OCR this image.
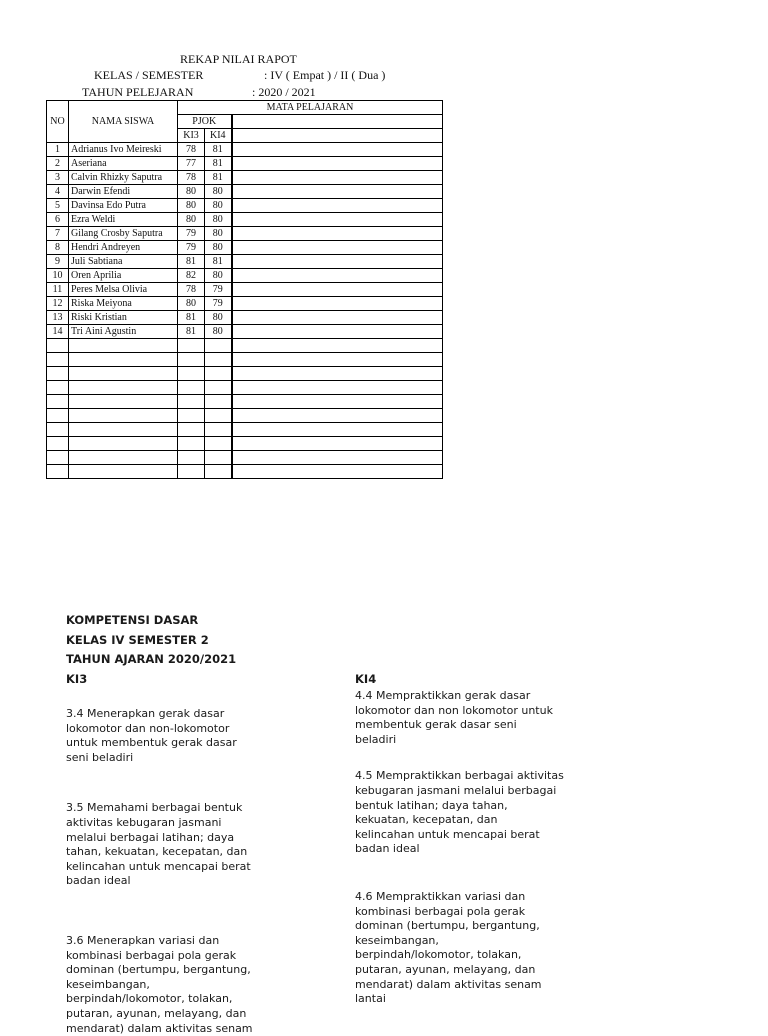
REKAP NILAI RAPOT
KELAS / SEMESTER	: IV ( Empat ) / II ( Dua )
TAHUN PELEJARAN	: 2020 / 2021
NO	NAMA SISWA	MATA PELAJARAN		
		PJOK		
		KI3	KI4	
1	Adrianus Ivo Meireski	78	81	
2	Aseriana	77	81	
3	Calvin Rhizky Saputra	78	81	
4	Darwin Efendi	80	80	
5	Davinsa Edo Putra	80	80	
6	Ezra Weldi	80	80	
7	Gilang Crosby Saputra	79	80	
8	Hendri Andreyen	79	80	
9	Juli Sabtiana	81	81	
10	Oren Aprilia	82	80	
11	Peres Melsa Olivia	78	79	
12	Riska Meiyona	80	79	
13	Riski Kristian	81	80	
14	Tri Aini Agustin	81	80	

KOMPETENSI DASAR
KELAS IV SEMESTER 2
TAHUN AJARAN 2020/2021
KI3	KI4
3.4 Menerapkan gerak dasar
lokomotor dan non-lokomotor
untuk membentuk gerak dasar
seni beladiri
3.5 Memahami berbagai bentuk
aktivitas kebugaran jasmani
melalui berbagai latihan; daya
tahan, kekuatan, kecepatan, dan
kelincahan untuk mencapai berat
badan ideal
3.6 Menerapkan variasi dan
kombinasi berbagai pola gerak
dominan (bertumpu, bergantung,
keseimbangan,
berpindah/lokomotor, tolakan,
putaran, ayunan, melayang, dan
mendarat) dalam aktivitas senam
4.4 Mempraktikkan gerak dasar
lokomotor dan non lokomotor untuk
membentuk gerak dasar seni
beladiri
4.5 Mempraktikkan berbagai aktivitas
kebugaran jasmani melalui berbagai
bentuk latihan; daya tahan,
kekuatan, kecepatan, dan
kelincahan untuk mencapai berat
badan ideal
4.6 Mempraktikkan variasi dan
kombinasi berbagai pola gerak
dominan (bertumpu, bergantung,
keseimbangan,
berpindah/lokomotor, tolakan,
putaran, ayunan, melayang, dan
mendarat) dalam aktivitas senam
lantai
